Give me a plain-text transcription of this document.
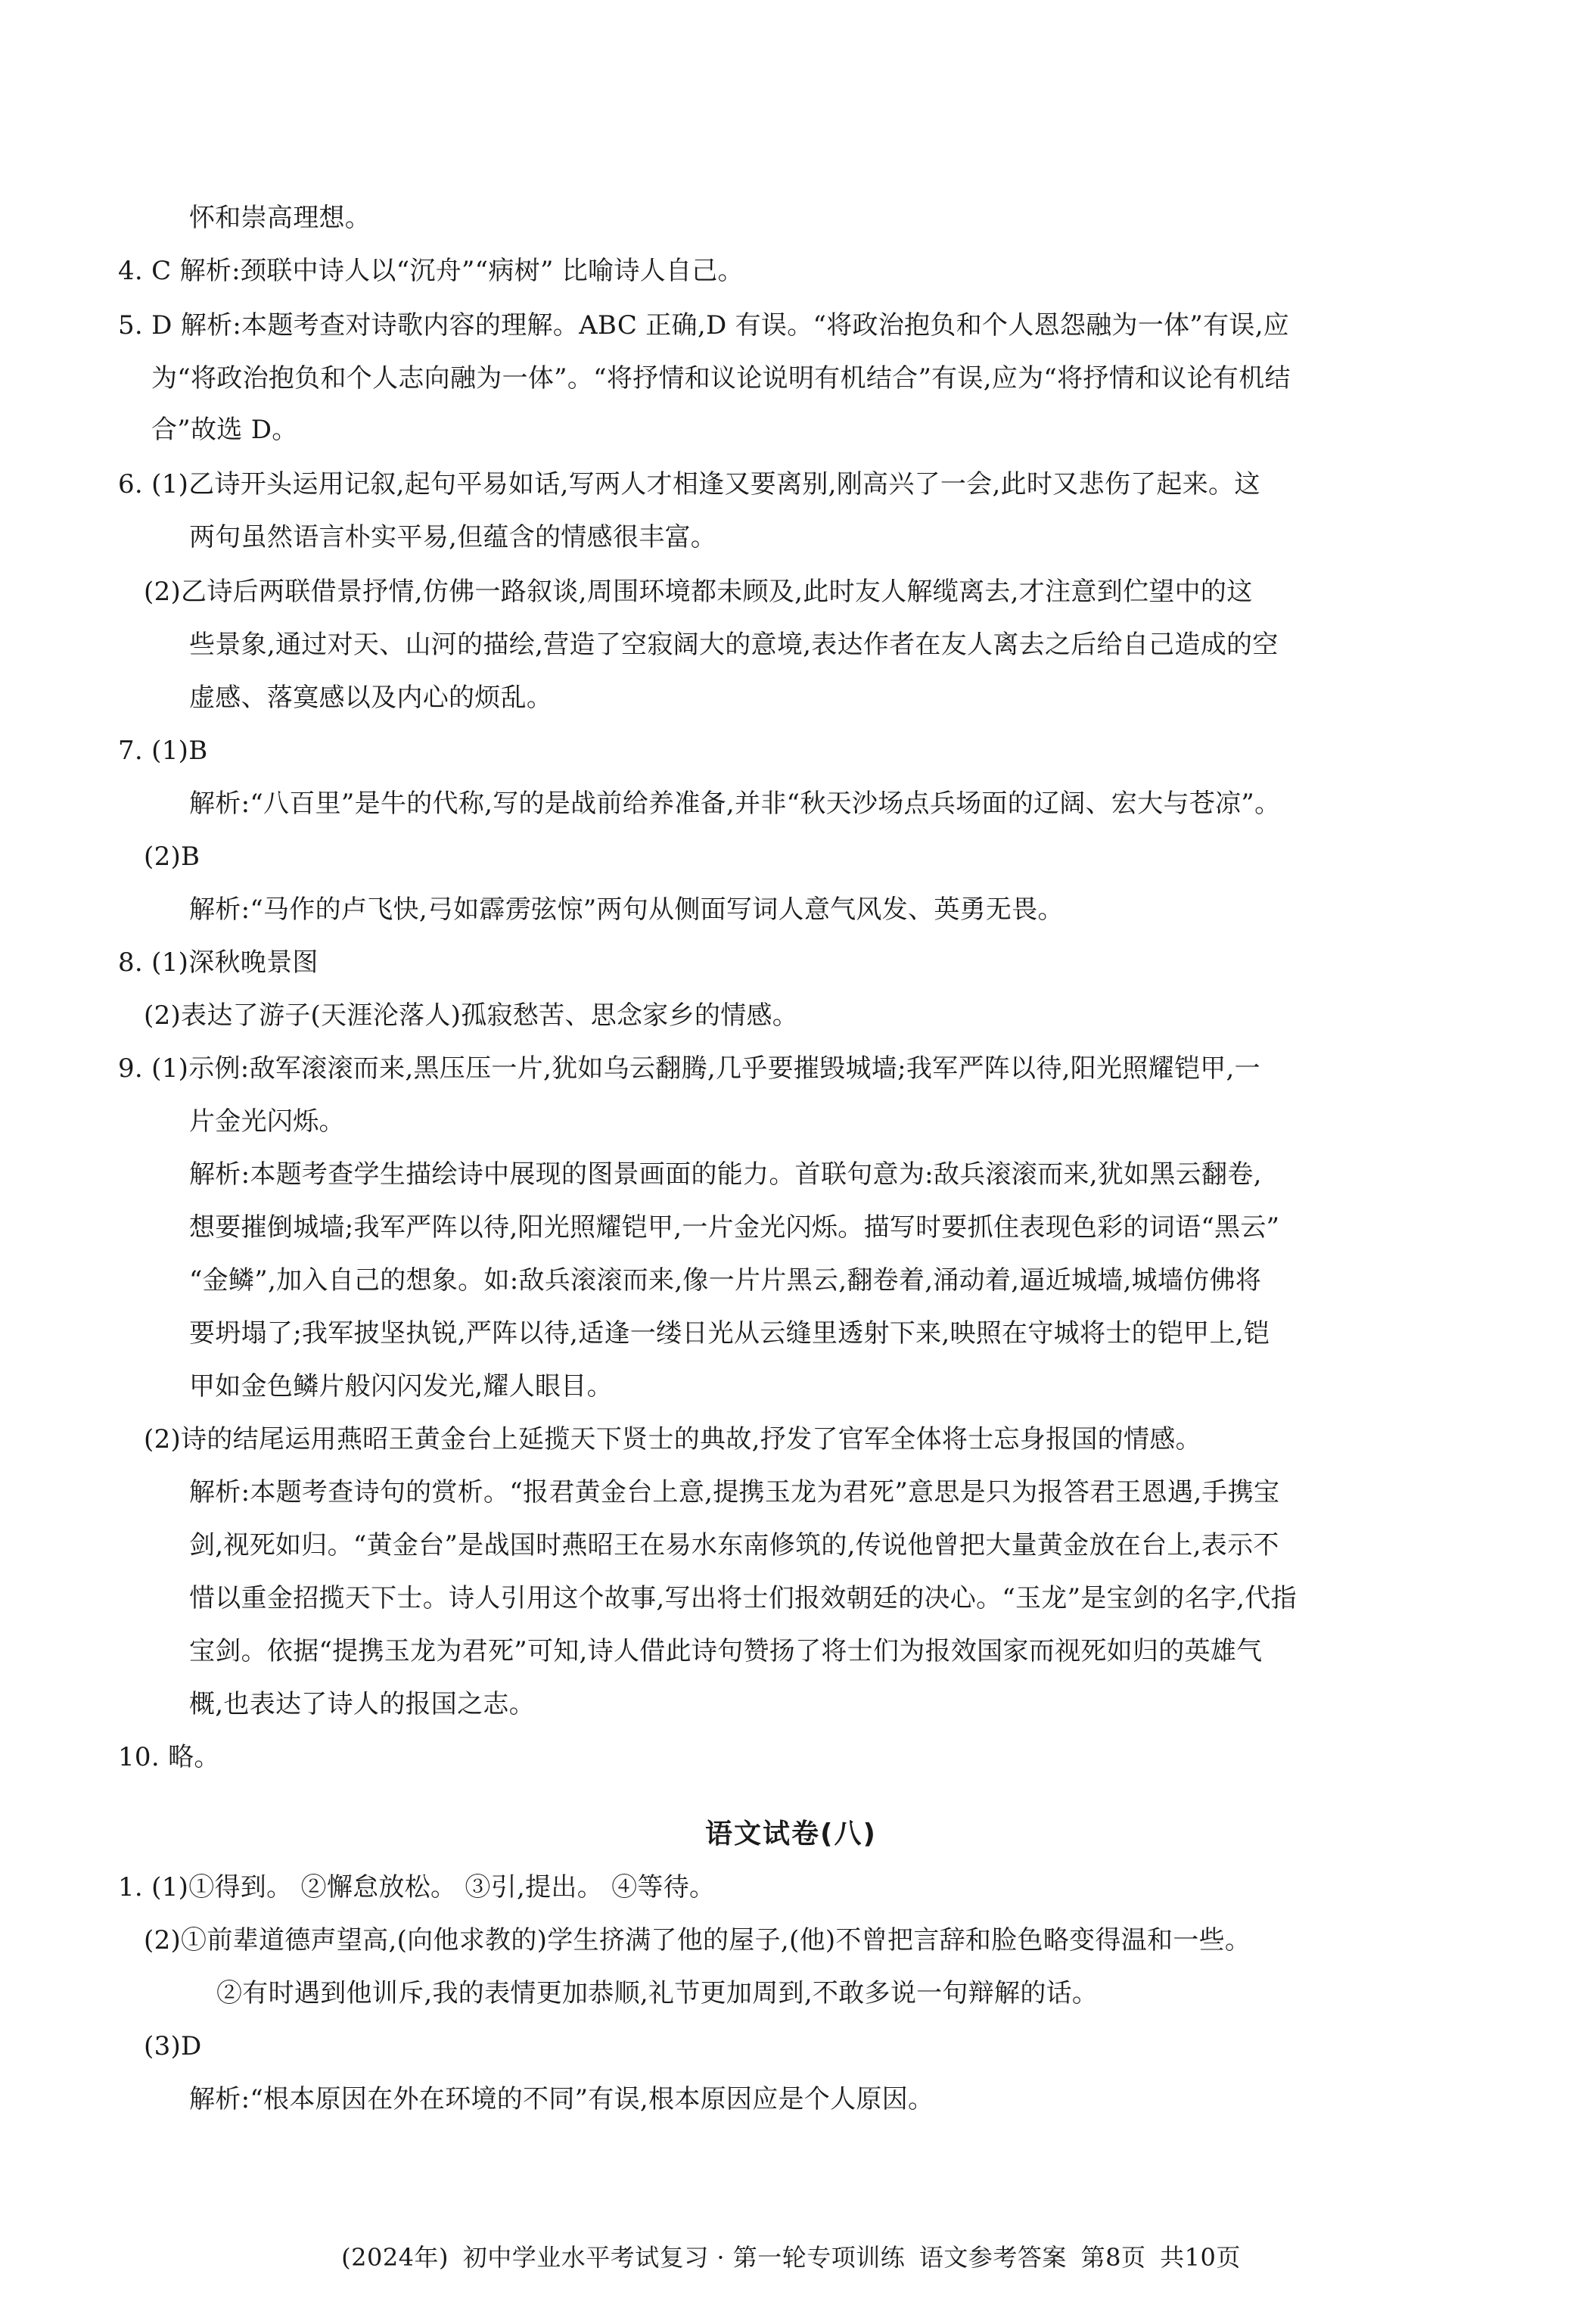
怀和崇高理想。
4. C 解析:颈联中诗人以“沉舟”“病树” 比喻诗人自己。
5. D 解析:本题考查对诗歌内容的理解。ABC 正确,D 有误。“将政治抱负和个人恩怨融为一体”有误,应
为“将政治抱负和个人志向融为一体”。“将抒情和议论说明有机结合”有误,应为“将抒情和议论有机结
合”故选 D。
6. (1)乙诗开头运用记叙,起句平易如话,写两人才相逢又要离别,刚高兴了一会,此时又悲伤了起来。这
两句虽然语言朴实平易,但蕴含的情感很丰富。
(2)乙诗后两联借景抒情,仿佛一路叙谈,周围环境都未顾及,此时友人解缆离去,才注意到伫望中的这
些景象,通过对天、山河的描绘,营造了空寂阔大的意境,表达作者在友人离去之后给自己造成的空
虚感、落寞感以及内心的烦乱。
7. (1)B
解析:“八百里”是牛的代称,写的是战前给养准备,并非“秋天沙场点兵场面的辽阔、宏大与苍凉”。
(2)B
解析:“马作的卢飞快,弓如霹雳弦惊”两句从侧面写词人意气风发、英勇无畏。
8. (1)深秋晚景图
(2)表达了游子(天涯沦落人)孤寂愁苦、思念家乡的情感。
9. (1)示例:敌军滚滚而来,黑压压一片,犹如乌云翻腾,几乎要摧毁城墙;我军严阵以待,阳光照耀铠甲,一
片金光闪烁。
解析:本题考查学生描绘诗中展现的图景画面的能力。首联句意为:敌兵滚滚而来,犹如黑云翻卷,
想要摧倒城墙;我军严阵以待,阳光照耀铠甲,一片金光闪烁。描写时要抓住表现色彩的词语“黑云”
“金鳞”,加入自己的想象。如:敌兵滚滚而来,像一片片黑云,翻卷着,涌动着,逼近城墙,城墙仿佛将
要坍塌了;我军披坚执锐,严阵以待,适逢一缕日光从云缝里透射下来,映照在守城将士的铠甲上,铠
甲如金色鳞片般闪闪发光,耀人眼目。
(2)诗的结尾运用燕昭王黄金台上延揽天下贤士的典故,抒发了官军全体将士忘身报国的情感。
解析:本题考查诗句的赏析。“报君黄金台上意,提携玉龙为君死”意思是只为报答君王恩遇,手携宝
剑,视死如归。“黄金台”是战国时燕昭王在易水东南修筑的,传说他曾把大量黄金放在台上,表示不
惜以重金招揽天下士。诗人引用这个故事,写出将士们报效朝廷的决心。“玉龙”是宝剑的名字,代指
宝剑。依据“提携玉龙为君死”可知,诗人借此诗句赞扬了将士们为报效国家而视死如归的英雄气
概,也表达了诗人的报国之志。
10. 略。
语文试卷(八)
1. (1)①得到。 ②懈怠放松。 ③引,提出。 ④等待。
(2)①前辈道德声望高,(向他求教的)学生挤满了他的屋子,(他)不曾把言辞和脸色略变得温和一些。
②有时遇到他训斥,我的表情更加恭顺,礼节更加周到,不敢多说一句辩解的话。
(3)D
解析:“根本原因在外在环境的不同”有误,根本原因应是个人原因。
(2024年) 初中学业水平考试复习 · 第一轮专项训练 语文参考答案 第8页 共10页
